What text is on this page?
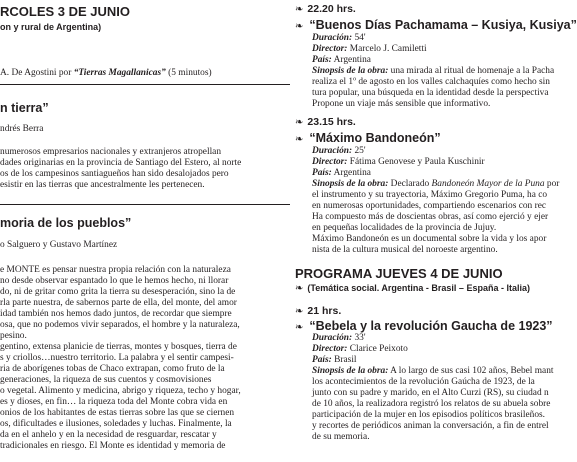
RCOLES 3 DE JUNIO
on y rural de Argentina)
A. De Agostini por “Tierras Magallanicas” (5 minutos)
n tierra”
ndrés Berra
numerosos empresarios nacionales y extranjeros atropellan
dades originarias en la provincia de Santiago del Estero, al norte
os de los campesinos santiagueños han sido desalojados pero
esistir en las tierras que ancestralmente les pertenecen.
moria de los pueblos”
o Salguero y Gustavo Martínez
e MONTE es pensar nuestra propia relación con la naturaleza
no desde observar espantado lo que le hemos hecho, ni llorar
do, ni de gritar como grita la tierra su desesperación, sino la de
rla parte nuestra, de sabernos parte de ella, del monte, del amor
idad también nos hemos dado juntos, de recordar que siempre
osa, que no podemos vivir separados, el hombre y la naturaleza,
pesino.
gentino, extensa planicie de tierras, montes y bosques, tierra de
s y criollos…nuestro territorio. La palabra y el sentir campesi-
ria de aborígenes tobas de Chaco extrapan, como fruto de la
generaciones, la riqueza de sus cuentos y cosmovisiones
o vegetal. Alimento y medicina, abrigo y riqueza, techo y hogar,
es y dioses, en fin… la riqueza toda del Monte cobra vida en
onios de los habitantes de estas tierras sobre las que se ciernen
os, dificultades e ilusiones, soledades y luchas. Finalmente, la
da en el anhelo y en la necesidad de resguardar, rescatar y
tradicionales en riesgo. El Monte es identidad y memoria de
❧ 22.20 hrs.
❧ “Buenos Días Pachamama – Kusiya, Kusiya”
Duración: 54'
Director: Marcelo J. Camiletti
País: Argentina
Sinopsis de la obra: una mirada al ritual de homenaje a la Pacha
realiza el 1º de agosto en los valles calchaquíes como hecho sin
tura popular, una búsqueda en la identidad desde la perspectiva
Propone un viaje más sensible que informativo.
❧ 23.15 hrs.
❧ “Máximo Bandoneón”
Duración: 25'
Director: Fátima Genovese y Paula Kuschinir
País: Argentina
Sinopsis de la obra: Declarado Bandoneón Mayor de la Puna por
el instrumento y su trayectoria, Máximo Gregorio Puma, ha co
en numerosas oportunidades, compartiendo escenarios con rec
Ha compuesto más de doscientas obras, así como ejerció y ejer
en pequeñas localidades de la provincia de Jujuy.
Máximo Bandoneón es un documental sobre la vida y los apor
nista de la cultura musical del noroeste argentino.
PROGRAMA JUEVES 4 DE JUNIO
❧ (Temática social. Argentina - Brasil – España - Italia)
❧ 21 hrs.
❧ “Bebela y la revolución Gaucha de 1923”
Duración: 33'
Director: Clarice Peixoto
País: Brasil
Sinopsis de la obra: A lo largo de sus casi 102 años, Bebel mant
los acontecimientos de la revolución Gaúcha de 1923, de la
junto con su padre y marido, en el Alto Curzi (RS), su ciudad n
de 10 años, la realizadora registró los relatos de su abuela sobre
participación de la mujer en los episodios políticos brasileños.
y recortes de periódicos animan la conversación, a fin de entrel
de su memoria.
